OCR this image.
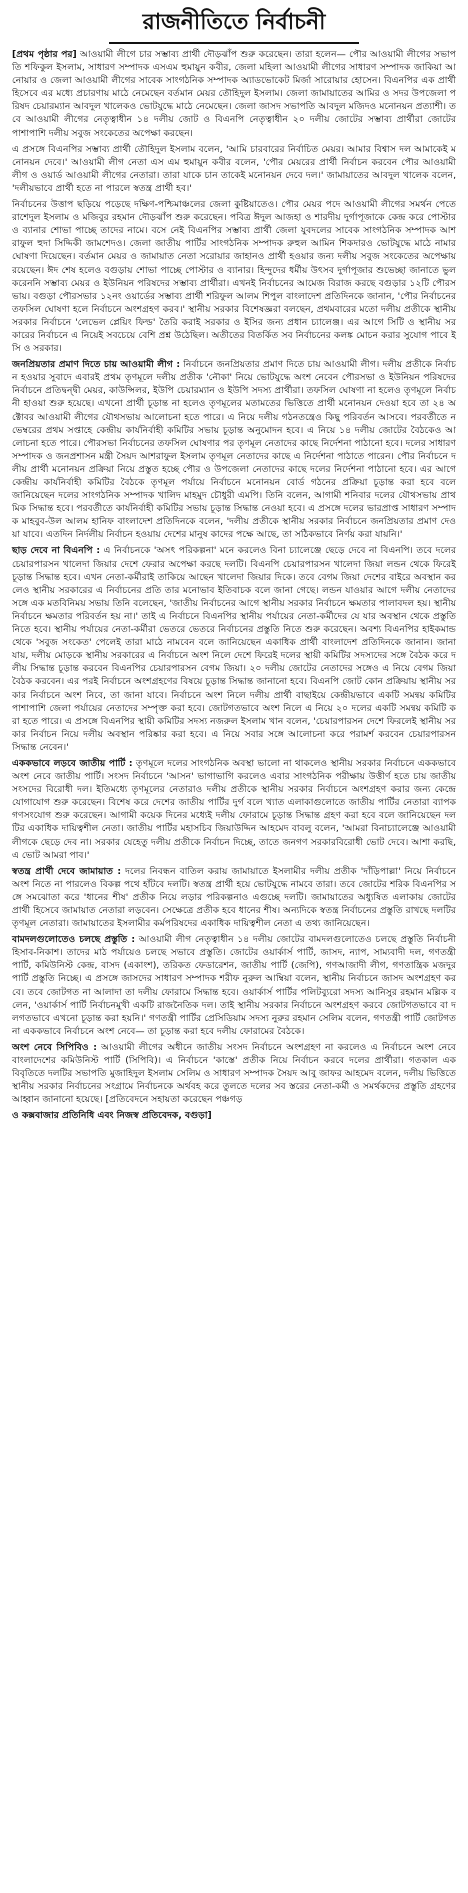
রাজনীতিতে নির্বাচনী

[প্রথম পৃষ্ঠার পর] আওয়ামী লীগে চার সম্ভাব্য প্রার্থী দৌড়ঝাঁপ শুরু করেছেন। তারা হলেন— পৌর আওয়ামী লীগের সভাপতি শফিকুল ইসলাম, সাধারণ সম্পাদক এসএম হুমায়ুন কবীর, জেলা মহিলা আওয়ামী লীগের সাধারণ সম্পাদক জাকিয়া আনোয়ার ও জেলা আওয়ামী লীগের সাবেক সাংগঠনিক সম্পাদক অ্যাডভোকেট মির্জা সারোয়ার হোসেন। বিএনপির এক প্রার্থী হিসেবে এর মধ্যে প্রচারণায় মাঠে নেমেছেন বর্তমান মেয়র তৌহিদুল ইসলাম। জেলা জামায়াতের আমির ও সদর উপজেলা পরিষদ চেয়ারম্যান আবদুল খালেকও ভোটযুদ্ধে মাঠে নেমেছেন। জেলা জাসদ সভাপতি আবদুল মজিদও মনোনয়ন প্রত্যাশী। তবে আওয়ামী লীগের নেতৃত্বাধীন ১৪ দলীয় জোট ও বিএনপি নেতৃত্বাধীন ২০ দলীয় জোটের সম্ভাব্য প্রার্থীরা জোটের পাশাপাশি দলীয় সবুজ সংকেতের অপেক্ষা করছেন।

এ প্রসঙ্গে বিএনপির সম্ভাব্য প্রার্থী তৌহিদুল ইসলাম বলেন, 'আমি চারবারের নির্বাচিত মেয়র। আমার বিশ্বাস দল আমাকেই মনোনয়ন দেবে।' আওয়ামী লীগ নেতা এস এম হুমায়ুন কবীর বলেন, 'পৌর মেয়রের প্রার্থী নির্বাচন করবেন পৌর আওয়ামী লীগ ও ওয়ার্ড আওয়ামী লীগের নেতারা। তারা যাকে চান তাকেই মনোনয়ন দেবে দল।' জামায়াতের আবদুল খালেক বলেন, 'দলীয়ভাবে প্রার্থী হতে না পারলে স্বতন্ত্র প্রার্থী হব।'

নির্বাচনের উত্তাপ ছড়িয়ে পড়েছে দক্ষিণ-পশ্চিমাঞ্চলের জেলা কুষ্টিয়াতেও। পৌর মেয়র পদে আওয়ামী লীগের সমর্থন পেতে রাশেদুল ইসলাম ও মজিবুর রহমান দৌড়ঝাঁপ শুরু করেছেন। পবিত্র ঈদুল আজহা ও শারদীয় দুর্গাপূজাকে কেন্দ্র করে পোস্টার ও ব্যানার শোভা পাচ্ছে তাদের নামে। বসে নেই বিএনপির সম্ভাব্য প্রার্থী জেলা যুবদলের সাবেক সাংগঠনিক সম্পাদক আশরাফুল হুদা সিদ্দিকী জামশেদও। জেলা জাতীয় পার্টির সাংগঠনিক সম্পাদক রুহুল আমিন শিকদারও ভোটযুদ্ধে মাঠে নামার ঘোষণা দিয়েছেন। বর্তমান মেয়র ও জামায়াত নেতা সরোয়ার জাহানও প্রার্থী হওয়ার জন্য দলীয় সবুজ সংকেতের অপেক্ষায় রয়েছেন। ঈদ শেষ হলেও বগুড়ায় শোভা পাচ্ছে পোস্টার ও ব্যানার। হিন্দুদের ধর্মীয় উৎসব দুর্গাপূজার শুভেচ্ছা জানাতে ভুল করেননি সম্ভাব্য মেয়র ও ইউনিয়ন পরিষদের সম্ভাব্য প্রার্থীরা। এখনই নির্বাচনের আমেজ বিরাজ করছে বগুড়ার ১২টি পৌরসভায়। বগুড়া পৌরসভার ১২নং ওয়ার্ডের সম্ভাব্য প্রার্থী শরিফুল আলম শিপুল বাংলাদেশ প্রতিদিনকে জানান, 'পৌর নির্বাচনের তফসিল ঘোষণা হলে নির্বাচনে অংশগ্রহণ করব।' স্থানীয় সরকার বিশেষজ্ঞরা বলছেন, প্রথমবারের মতো দলীয় প্রতীকে স্থানীয় সরকার নির্বাচনে 'লেভেল প্লেয়িং ফিল্ড' তৈরি করাই সরকার ও ইসির জন্য প্রধান চ্যালেঞ্জ। এর আগে সিটি ও স্থানীয় সরকারের নির্বাচনে এ নিয়েই সবচেয়ে বেশি প্রশ্ন উঠেছিল। অতীতের বিতর্কিত সব নির্বাচনের কলঙ্ক মোচন করার সুযোগ পাবে ইসি ও সরকার।

জনপ্রিয়তার প্রমাণ দিতে চায় আওয়ামী লীগ : নির্বাচনে জনপ্রিয়তার প্রমাণ দিতে চায় আওয়ামী লীগ। দলীয় প্রতীকে নির্বাচন হওয়ার সুবাদে এবারই প্রথম তৃণমূলে দলীয় প্রতীক 'নৌকা' নিয়ে ভোটযুদ্ধে অংশ নেবেন পৌরসভা ও ইউনিয়ন পরিষদের নির্বাচনে প্রতিদ্বন্দ্বী মেয়র, কাউন্সিলর, ইউপি চেয়ারম্যান ও ইউপি সদস্য প্রার্থীরা। তফসিল ঘোষণা না হলেও তৃণমূলে নির্বাচনী হাওয়া শুরু হয়েছে। এখনো প্রার্থী চূড়ান্ত না হলেও তৃণমূলের মতামতের ভিত্তিতে প্রার্থী মনোনয়ন দেওয়া হবে তা ২৪ অক্টোবর আওয়ামী লীগের যৌথসভায় আলোচনা হতে পারে। এ নিয়ে দলীয় গঠনতন্ত্রেও কিছু পরিবর্তন আসবে। পরবর্তীতে নভেম্বরের প্রথম সপ্তাহে কেন্দ্রীয় কার্যনির্বাহী কমিটির সভায় চূড়ান্ত অনুমোদন হবে। এ নিয়ে ১৪ দলীয় জোটের বৈঠকেও আলোচনা হতে পারে। পৌরসভা নির্বাচনের তফসিল ঘোষণার পর তৃণমূল নেতাদের কাছে নির্দেশনা পাঠানো হবে। দলের সাধারণ সম্পাদক ও জনপ্রশাসন মন্ত্রী সৈয়দ আশরাফুল ইসলাম তৃণমূল নেতাদের কাছে এ নির্দেশনা পাঠাতে পারেন। পৌর নির্বাচনে দলীয় প্রার্থী মনোনয়ন প্রক্রিয়া নিয়ে প্রস্তুত হচ্ছে পৌর ও উপজেলা নেতাদের কাছে দলের নির্দেশনা পাঠানো হবে। এর আগে কেন্দ্রীয় কার্যনির্বাহী কমিটির বৈঠকে তৃণমূল পর্যায়ে নির্বাচনে মনোনয়ন বোর্ড গঠনের প্রক্রিয়া চূড়ান্ত করা হবে বলে জানিয়েছেন দলের সাংগঠনিক সম্পাদক খালিদ মাহমুদ চৌধুরী এমপি। তিনি বলেন, আগামী শনিবার দলের যৌথসভায় প্রাথমিক সিদ্ধান্ত হবে। পরবর্তীতে কার্যনির্বাহী কমিটির সভায় চূড়ান্ত সিদ্ধান্ত নেওয়া হবে। এ প্রসঙ্গে দলের ভারপ্রাপ্ত সাধারণ সম্পাদক মাহবুব-উল আলম হানিফ বাংলাদেশ প্রতিদিনকে বলেন, 'দলীয় প্রতীকে স্থানীয় সরকার নির্বাচনে জনপ্রিয়তার প্রমাণ দেওয়া যাবে। এতদিন নির্দলীয় নির্বাচন হওয়ায় দেশের মানুষ কাদের পক্ষে আছে, তা সঠিকভাবে নির্ণয় করা যায়নি।'

ছাড় দেবে না বিএনপি : এ নির্বাচনকে 'অসৎ পরিকল্পনা' মনে করলেও বিনা চ্যালেঞ্জে ছেড়ে দেবে না বিএনপি। তবে দলের চেয়ারপারসন খালেদা জিয়ার দেশে ফেরার অপেক্ষা করছে দলটি। বিএনপি চেয়ারপারসন খালেদা জিয়া লন্ডন থেকে ফিরেই চূড়ান্ত সিদ্ধান্ত হবে। এখন নেতা-কর্মীরাই তাকিয়ে আছেন খালেদা জিয়ার দিকে। তবে বেগম জিয়া দেশের বাইরে অবস্থান করলেও স্থানীয় সরকারের এ নির্বাচনের প্রতি তার মনোভাব ইতিবাচক বলে জানা গেছে। লন্ডন যাওয়ার আগে দলীয় নেতাদের সঙ্গে এক মতবিনিময় সভায় তিনি বলেছেন, 'জাতীয় নির্বাচনের আগে স্থানীয় সরকার নির্বাচনে ক্ষমতার পালাবদল হয়। স্থানীয় নির্বাচনে ক্ষমতার পরিবর্তন হয় না।' তাই এ নির্বাচনে বিএনপির স্থানীয় পর্যায়ের নেতা-কর্মীদের যে যার অবস্থান থেকে প্রস্তুতি নিতে হবে। স্থানীয় পর্যায়ের নেতা-কর্মীরা ভেতরে ভেতরে নির্বাচনের প্রস্তুতি নিতে শুরু করেছেন। অবশ্য বিএনপির হাইকমান্ড থেকে 'সবুজ সংকেত' পেলেই তারা মাঠে নামবেন বলে জানিয়েছেন একাধিক প্রার্থী বাংলাদেশ প্রতিদিনকে জানান। জানা যায়, দলীয় মোড়কে স্থানীয় সরকারের এ নির্বাচনে অংশ নিলে দেশে ফিরেই দলের স্থায়ী কমিটির সদস্যদের সঙ্গে বৈঠক করে দলীয় সিদ্ধান্ত চূড়ান্ত করবেন বিএনপির চেয়ারপারসন বেগম জিয়া। ২০ দলীয় জোটের নেতাদের সঙ্গেও এ নিয়ে বেগম জিয়া বৈঠক করবেন। এর পরই নির্বাচনে অংশগ্রহণের বিষয়ে চূড়ান্ত সিদ্ধান্ত জানানো হবে। বিএনপি জোট কোন প্রক্রিয়ায় স্থানীয় সরকার নির্বাচনে অংশ নিবে, তা জানা যাবে। নির্বাচনে অংশ নিলে দলীয় প্রার্থী বাছাইয়ে কেন্দ্রীয়ভাবে একটি সমন্বয় কমিটির পাশাপাশি জেলা পর্যায়ের নেতাদের সম্পৃক্ত করা হবে। জোটগতভাবে অংশ নিলে এ নিয়ে ২০ দলের একটি সমন্বয় কমিটি করা হতে পারে। এ প্রসঙ্গে বিএনপির স্থায়ী কমিটির সদস্য নজরুল ইসলাম খান বলেন, 'চেয়ারপারসন দেশে ফিরলেই স্থানীয় সরকার নির্বাচন নিয়ে দলীয় অবস্থান পরিষ্কার করা হবে। এ নিয়ে সবার সঙ্গে আলোচনা করে পরামর্শ করবেন চেয়ারপারসন সিদ্ধান্ত নেবেন।'

এককভাবে লড়বে জাতীয় পার্টি : তৃণমূলে দলের সাংগঠনিক অবস্থা ভালো না থাকলেও স্থানীয় সরকার নির্বাচনে এককভাবে অংশ নেবে জাতীয় পার্টি। সংসদ নির্বাচনে 'আসন' ভাগাভাগি করলেও এবার সাংগঠনিক পরীক্ষায় উত্তীর্ণ হতে চায় জাতীয় সংসদের বিরোধী দল। ইতিমধ্যে তৃণমূলের নেতারাও দলীয় প্রতীকে স্থানীয় সরকার নির্বাচনে অংশগ্রহণ করার জন্য কেন্দ্রে যোগাযোগ শুরু করেছেন। বিশেষ করে দেশের জাতীয় পার্টির দুর্গ বলে খ্যাত এলাকাগুলোতে জাতীয় পার্টির নেতারা ব্যাপক গণসংযোগ শুরু করেছেন। আগামী কয়েক দিনের মধ্যেই দলীয় ফোরামে চূড়ান্ত সিদ্ধান্ত গ্রহণ করা হবে বলে জানিয়েছেন দলটির একাধিক দায়িত্বশীল নেতা। জাতীয় পার্টির মহাসচিব জিয়াউদ্দিন আহমেদ বাবলু বলেন, 'আমরা বিনাচ্যালেঞ্জে আওয়ামী লীগকে ছেড়ে দেব না। সরকার যেহেতু দলীয় প্রতীকে নির্বাচন দিচ্ছে, তাতে জনগণ সরকারবিরোধী ভোট দেবে। আশা করছি, এ ভোট আমরা পাব।'

স্বতন্ত্র প্রার্থী দেবে জামায়াত : দলের নিবন্ধন বাতিল করায় জামায়াতে ইসলামীর দলীয় প্রতীক 'দাঁড়িপাল্লা' নিয়ে নির্বাচনে অংশ নিতে না পারলেও বিকল্প পথে হাঁটবে দলটি। স্বতন্ত্র প্রার্থী হয়ে ভোটযুদ্ধে নামবে তারা। তবে জোটের শরিক বিএনপির সঙ্গে সমঝোতা করে 'ধানের শীষ' প্রতীক নিয়ে লড়ার পরিকল্পনাও এগুচ্ছে দলটি। জামায়াতের অধ্যুষিত এলাকায় জোটের প্রার্থী হিসেবে জামায়াত নেতারা লড়বেন। সেক্ষেত্রে প্রতীক হবে ধানের শীষ। অন্যদিকে স্বতন্ত্র নির্বাচনের প্রস্তুতি রাখছে দলটির তৃণমূল নেতারা। জামায়াতের ইসলামীর কর্মপরিষদের একাধিক দায়িত্বশীল নেতা এ তথ্য জানিয়েছেন।

বামদলগুলোতেও চলছে প্রস্তুতি : আওয়ামী লীগ নেতৃত্বাধীন ১৪ দলীয় জোটের বামদলগুলোতেও চলছে প্রস্তুতি নির্বাচনী হিসাব-নিকাশ। তাদের মাঠ পর্যায়েও চলছে সভাবে প্রস্তুতি। জোটের ওয়ার্কার্স পার্টি, জাসদ, ন্যাপ, সাম্যবাদী দল, গণতন্ত্রী পার্টি, কমিউনিস্ট কেন্দ্র, বাসদ (একাংশ), তরিকত ফেডারেশন, জাতীয় পার্টি (জেপি), গণআজাদী লীগ, গণতান্ত্রিক মজদুর পার্টি প্রস্তুতি নিচ্ছে। এ প্রসঙ্গে জাসদের সাধারণ সম্পাদক শরীফ নুরুল আম্বিয়া বলেন, স্থানীয় নির্বাচনে জাসদ অংশগ্রহণ করবে। তবে জোটগত না আলাদা তা দলীয় ফোরামে সিদ্ধান্ত হবে। ওয়ার্কার্স পার্টির পলিটব্যুরো সদস্য আনিসুর রহমান মল্লিক বলেন, 'ওয়ার্কার্স পার্টি নির্বাচনমুখী একটি রাজনৈতিক দল। তাই স্থানীয় সরকার নির্বাচনে অংশগ্রহণ করবে জোটগতভাবে বা দলগতভাবে এখনো চূড়ান্ত করা হয়নি।' গণতন্ত্রী পার্টির প্রেসিডিয়াম সদস্য নুরুর রহমান সেলিম বলেন, গণতন্ত্রী পার্টি জোটগত না এককভাবে নির্বাচনে অংশ নেবে— তা চূড়ান্ত করা হবে দলীয় ফোরামের বৈঠকে।

অংশ নেবে সিপিবিও : আওয়ামী লীগের অধীনে জাতীয় সংসদ নির্বাচনে অংশগ্রহণ না করলেও এ নির্বাচনে অংশ নেবে বাংলাদেশের কমিউনিস্ট পার্টি (সিপিবি)। এ নির্বাচনে 'কাস্তে' প্রতীক নিয়ে নির্বাচন করবে দলের প্রার্থীরা। গতকাল এক বিবৃতিতে দলটির সভাপতি মুজাহিদুল ইসলাম সেলিম ও সাধারণ সম্পাদক সৈয়দ আবু জাফর আহমেদ বলেন, দলীয় ভিত্তিতে স্থানীয় সরকার নির্বাচনের সংগ্রামে নির্বাচনকে অর্থবহ করে তুলতে দলের সব স্তরের নেতা-কর্মী ও সমর্থকদের প্রস্তুতি গ্রহণের আহ্বান জানানো হয়েছে। [প্রতিবেদনে সহায়তা করেছেন পঞ্চগড়

ও কক্সবাজার প্রতিনিধি এবং নিজস্ব প্রতিবেদক, বগুড়া]
